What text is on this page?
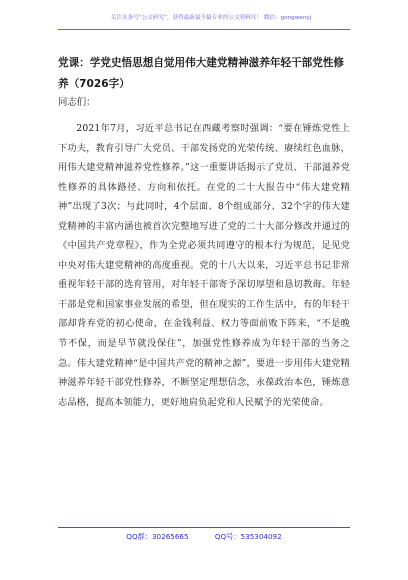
关注头条号“公文研究”，获得最新最全最专业的公文资料库！ 微信：gongwenyj
党课：学党史悟思想自觉用伟大建党精神滋养年轻干部党性修养（7026字）
同志们：

2021年7月，习近平总书记在西藏考察时强调：“要在锤炼党性上下功夫，教育引导广大党员、干部发扬党的光荣传统、赓续红色血脉，用伟大建党精神滋养党性修养。”这一重要讲话揭示了党员、干部滋养党性修养的具体路径、方向和依托。在党的二十大报告中“伟大建党精神”出现了3次；与此同时，4个层面、8个组成部分、32个字的伟大建党精神的丰富内涵也被首次完整地写进了党的二十大部分修改并通过的《中国共产党章程》，作为全党必须共同遵守的根本行为规范，足见党中央对伟大建党精神的高度重视。党的十八大以来，习近平总书记非常重视年轻干部的选育管用，对年轻干部寄予深切厚望和恳切教诲。年轻干部是党和国家事业发展的希望，但在现实的工作生活中，有的年轻干部却背弃党的初心使命，在金钱利益、权力等面前败下阵来，“不是晚节不保，而是早节就没保住”，加强党性修养成为年轻干部的当务之急。伟大建党精神“是中国共产党的精神之源”，要进一步用伟大建党精神滋养年轻干部党性修养，不断坚定理想信念，永葆政治本色，锤炼意志品格，提高本领能力，更好地肩负起党和人民赋予的光荣使命。

QQ群：30265665	QQ号：535304092
